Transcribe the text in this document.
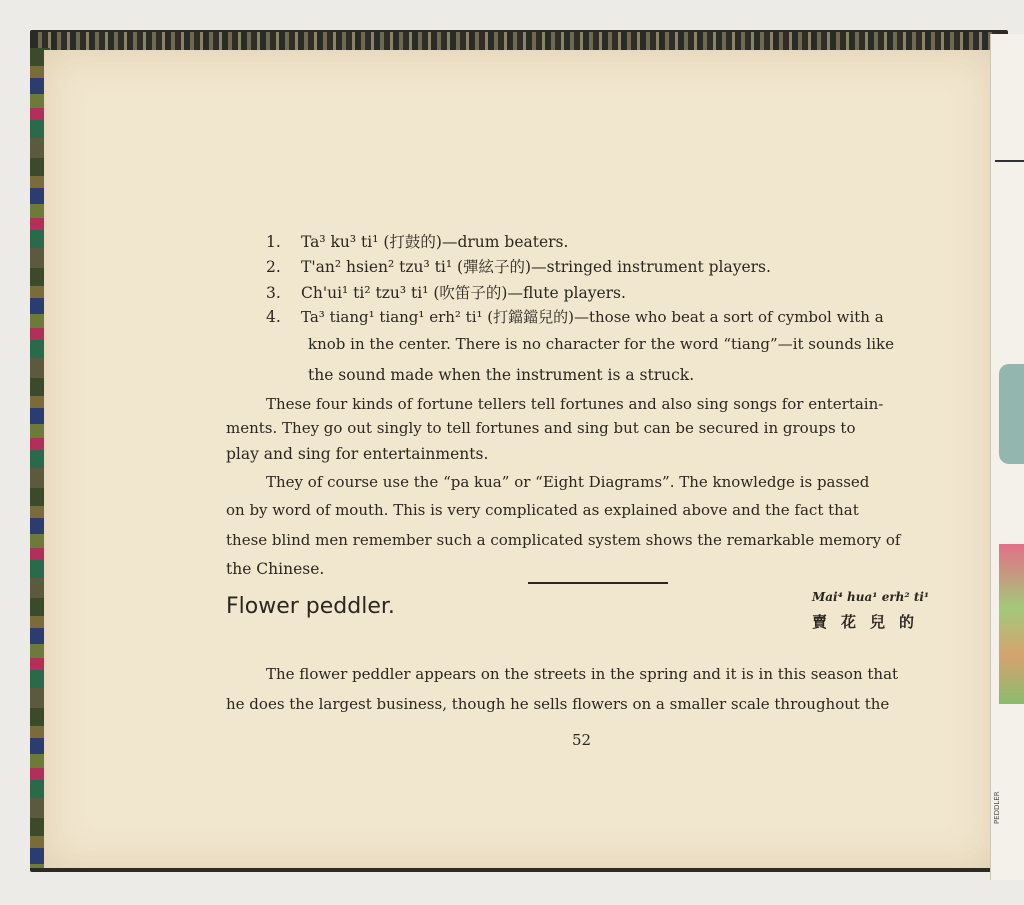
PEDDLER
1. Ta³ ku³ ti¹ (打鼓的)—drum beaters.
2. T'an² hsien² tzu³ ti¹ (彈絃子的)—stringed instrument players.
3. Ch'ui¹ ti² tzu³ ti¹ (吹笛子的)—flute players.
4. Ta³ tiang¹ tiang¹ erh² ti¹ (打鐺鐺兒的)—those who beat a sort of cymbol with a
knob in the center. There is no character for the word “tiang”—it sounds like
the sound made when the instrument is a struck.
These four kinds of fortune tellers tell fortunes and also sing songs for entertain-
ments. They go out singly to tell fortunes and sing but can be secured in groups to
play and sing for entertainments.
They of course use the “pa kua” or “Eight Diagrams”. The knowledge is passed
on by word of mouth. This is very complicated as explained above and the fact that
these blind men remember such a complicated system shows the remarkable memory of
the Chinese.
Flower peddler.	Mai⁴ hua¹ erh² ti¹
賣花兒的
The flower peddler appears on the streets in the spring and it is in this season that
he does the largest business, though he sells flowers on a smaller scale throughout the
52
